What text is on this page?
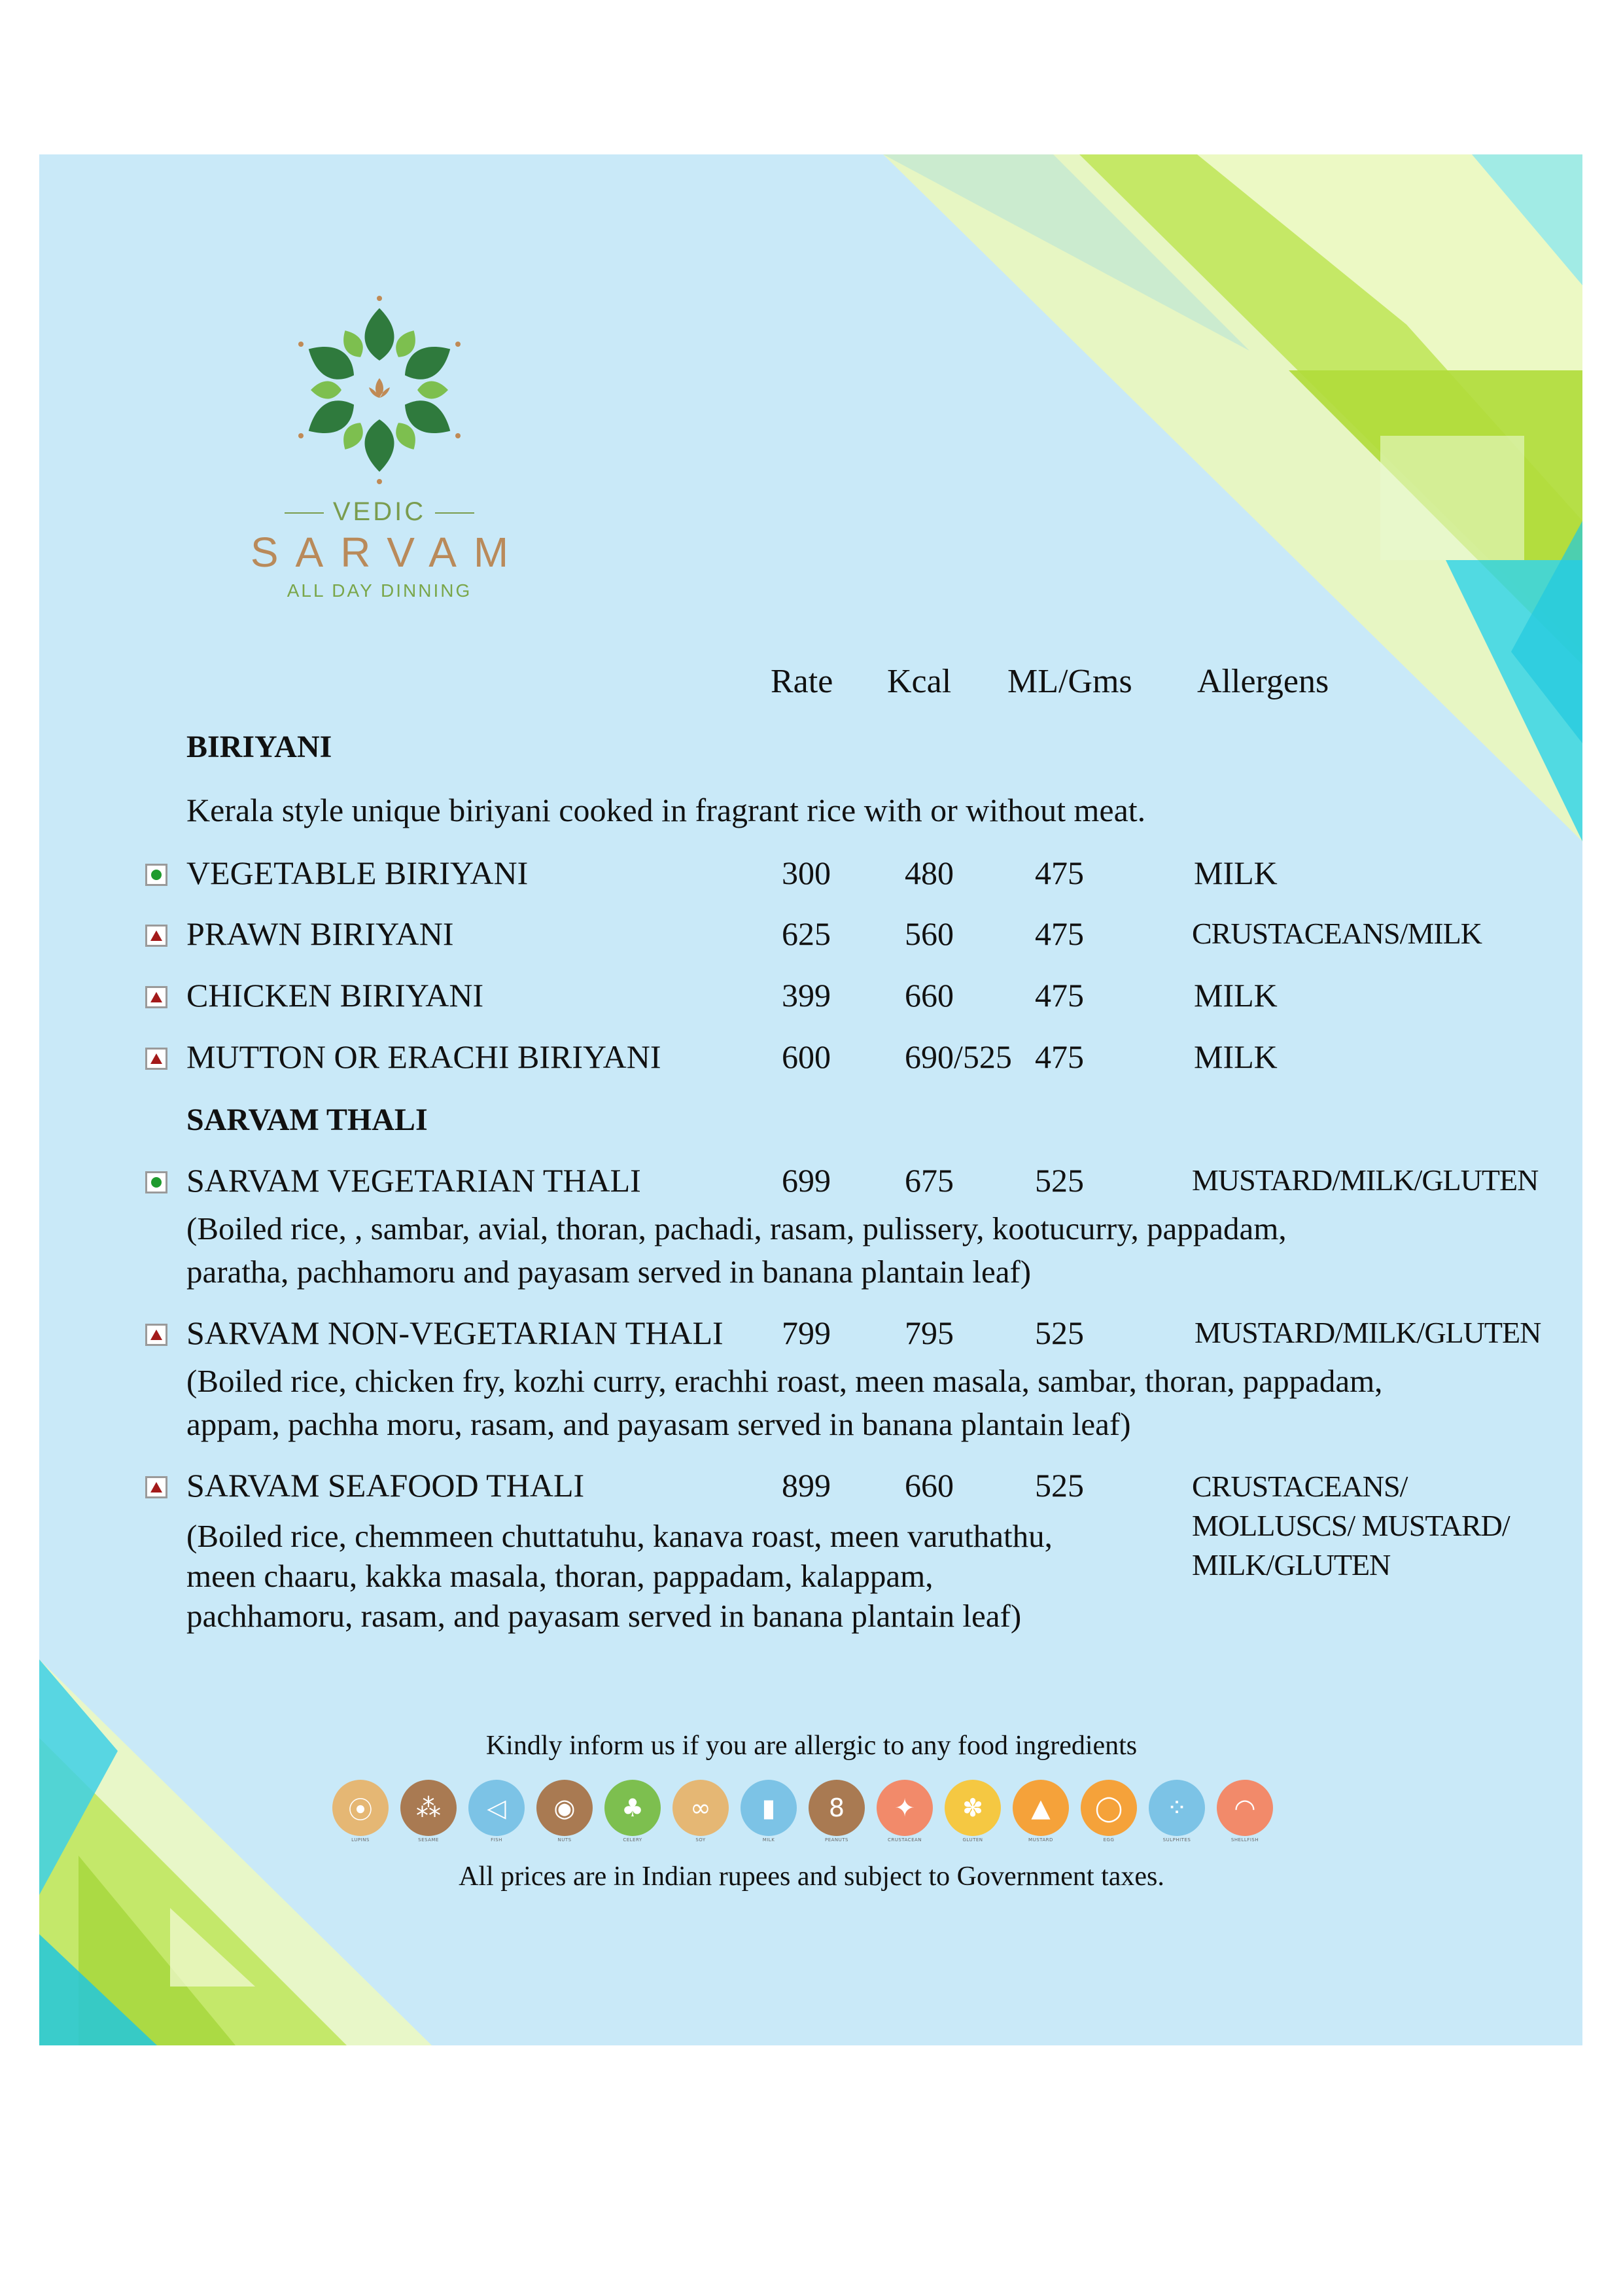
VEDIC
SARVAM
ALL DAY DINNING
Rate Kcal ML/Gms Allergens
BIRIYANI
Kerala style unique biriyani cooked in fragrant rice with or without meat.
VEGETABLE BIRIYANI	300 480 475	MILK
PRAWN BIRIYANI	625 560 475	CRUSTACEANS/MILK
CHICKEN BIRIYANI	399 660 475	MILK
MUTTON OR ERACHI BIRIYANI	600 690/525 475	MILK
SARVAM THALI
SARVAM VEGETARIAN THALI	699 675 525	MUSTARD/MILK/GLUTEN
(Boiled rice, , sambar, avial, thoran, pachadi, rasam, pulissery, kootucurry, pappadam,
paratha, pachhamoru and payasam served in banana plantain leaf)
SARVAM NON-VEGETARIAN THALI 799 795 525	MUSTARD/MILK/GLUTEN
(Boiled rice, chicken fry, kozhi curry, erachhi roast, meen masala, sambar, thoran, pappadam,
appam, pachha moru, rasam, and payasam served in banana plantain leaf)
SARVAM SEAFOOD THALI	899 660 525	CRUSTACEANS/
MOLLUSCS/ MUSTARD/
MILK/GLUTEN
(Boiled rice, chemmeen chuttatuhu, kanava roast, meen varuthathu,
meen chaaru, kakka masala, thoran, pappadam, kalappam,
pachhamoru, rasam, and payasam served in banana plantain leaf)
Kindly inform us if you are allergic to any food ingredients
⦿
LUPINS
⁂
SESAME
◁
FISH
◉
NUTS
♣
CELERY
∞
SOY
▮
MILK
8
PEANUTS
✦
CRUSTACEAN
✽
GLUTEN
▲
MUSTARD
◯
EGG
⁘
SULPHITES
◠
SHELLFISH
All prices are in Indian rupees and subject to Government taxes.
